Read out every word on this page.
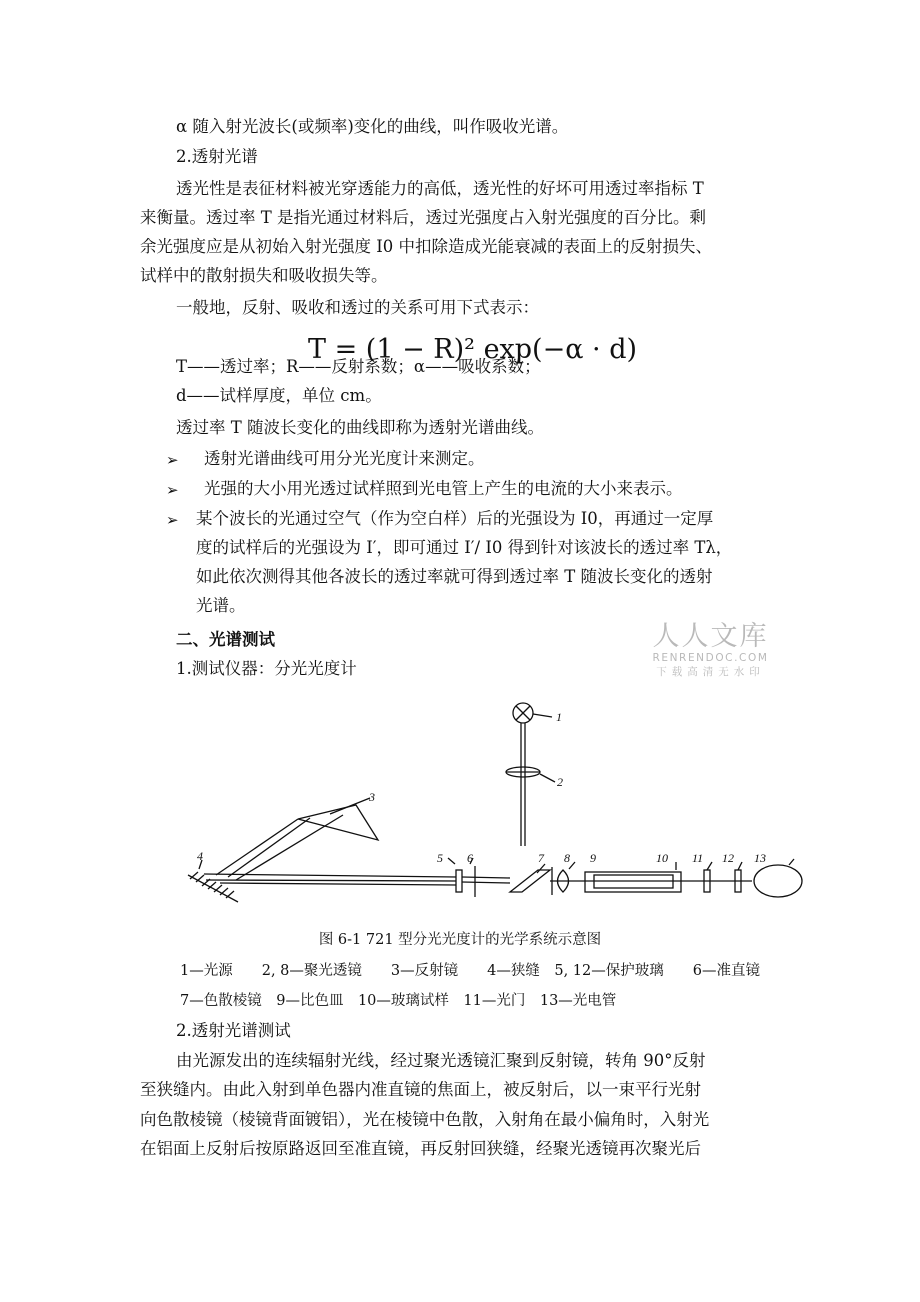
α 随入射光波长(或频率)变化的曲线，叫作吸收光谱。
2.透射光谱
透光性是表征材料被光穿透能力的高低，透光性的好坏可用透过率指标 T
来衡量。透过率 T 是指光通过材料后，透过光强度占入射光强度的百分比。剩
余光强度应是从初始入射光强度 I0 中扣除造成光能衰减的表面上的反射损失、
试样中的散射损失和吸收损失等。
一般地，反射、吸收和透过的关系可用下式表示：
T = (1 − R)² exp(−α · d)
T——透过率；R——反射系数；α——吸收系数；
d——试样厚度，单位 cm。
透过率 T 随波长变化的曲线即称为透射光谱曲线。
➢ 透射光谱曲线可用分光光度计来测定。
➢ 光强的大小用光透过试样照到光电管上产生的电流的大小来表示。
➢ 某个波长的光通过空气（作为空白样）后的光强设为 I0，再通过一定厚
度的试样后的光强设为 I′，即可通过 I′/ I0 得到针对该波长的透过率 Tλ，
如此依次测得其他各波长的透过率就可得到透过率 T 随波长变化的透射
光谱。
二、光谱测试
1.测试仪器：分光光度计
人人文库
RENRENDOC.COM
下载高清无水印
1
2
3
4	5 6	7 8 9	10 11 12 13
图 6-1 721 型分光光度计的光学系统示意图
1—光源　　2, 8—聚光透镜　　3—反射镜　　4—狭缝　5, 12—保护玻璃　　6—准直镜
7—色散棱镜　9—比色皿　10—玻璃试样　11—光门　13—光电管
2.透射光谱测试
由光源发出的连续辐射光线，经过聚光透镜汇聚到反射镜，转角 90°反射
至狭缝内。由此入射到单色器内准直镜的焦面上，被反射后，以一束平行光射
向色散棱镜（棱镜背面镀铝），光在棱镜中色散，入射角在最小偏角时，入射光
在铝面上反射后按原路返回至准直镜，再反射回狭缝，经聚光透镜再次聚光后
